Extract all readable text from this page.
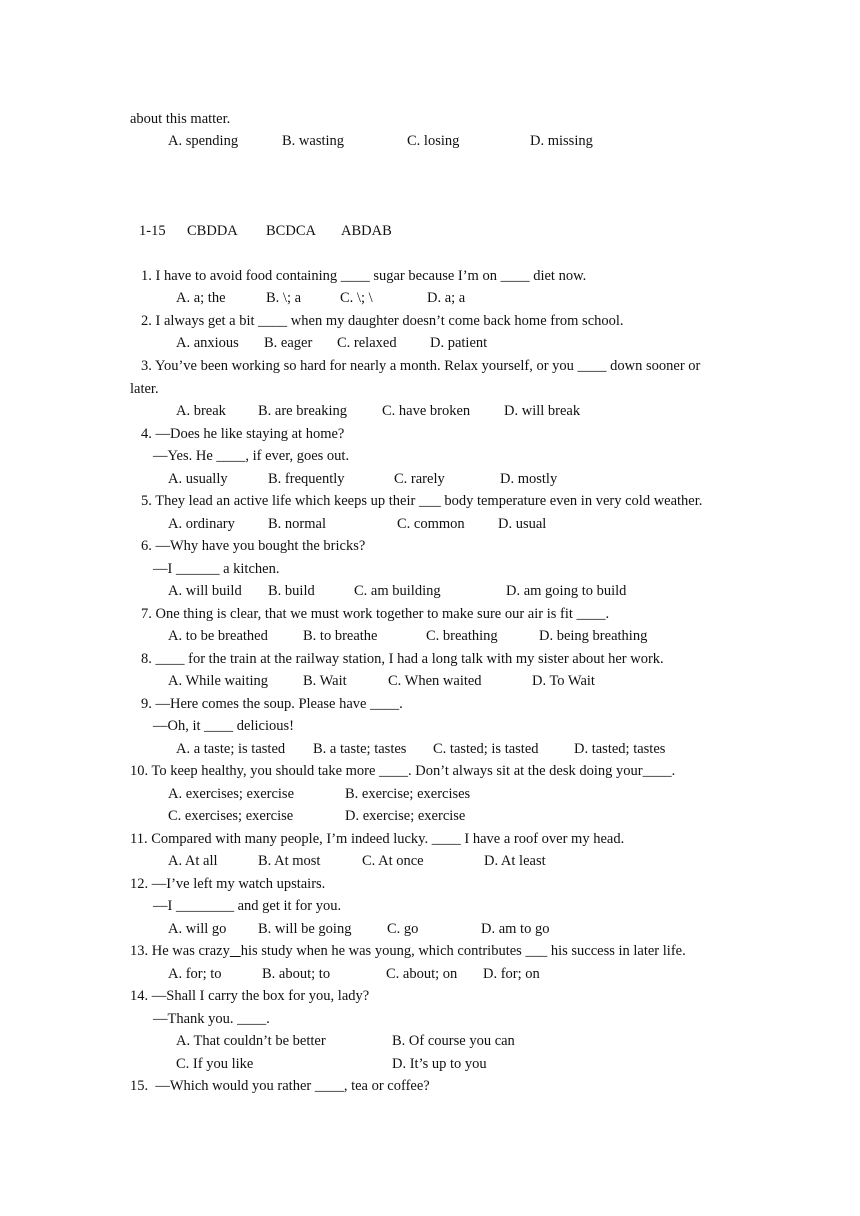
about this matter.
A. spending	B. wasting	C. losing	D. missing
1-15 CBDDA BCDCA ABDAB
1. I have to avoid food containing ____ sugar because I’m on ____ diet now.
A. a; the	B. \; a	C. \; \	D. a; a
2. I always get a bit ____ when my daughter doesn’t come back home from school.
A. anxious B. eager C. relaxed D. patient
3. You’ve been working so hard for nearly a month. Relax yourself, or you ____ down sooner or
later.
A. break B. are breaking C. have broken D. will break
4. —Does he like staying at home?
—Yes. He ____, if ever, goes out.
A. usually	B. frequently	C. rarely	D. mostly
5. They lead an active life which keeps up their ___ body temperature even in very cold weather.
A. ordinary B. normal	C. common D. usual
6. —Why have you bought the bricks?
—I ______ a kitchen.
A. will build B. build	C. am building	D. am going to build
7. One thing is clear, that we must work together to make sure our air is fit ____.
A. to be breathed B. to breathe	C. breathing	D. being breathing
8. ____ for the train at the railway station, I had a long talk with my sister about her work.
A. While waiting B. Wait	C. When waited	D. To Wait
9. —Here comes the soup. Please have ____.
—Oh, it ____ delicious!
A. a taste; is tasted B. a taste; tastes C. tasted; is tasted D. tasted; tastes
10. To keep healthy, you should take more ____. Don’t always sit at the desk doing your____.
A. exercises; exercise	B. exercise; exercises
C. exercises; exercise	D. exercise; exercise
11. Compared with many people, I’m indeed lucky. ____ I have a roof over my head.
A. At all	B. At most	C. At once	D. At least
12. —I’ve left my watch upstairs.
—I ________ and get it for you.
A. will go B. will be going C. go	D. am to go
13. He was crazy his study when he was young, which contributes ___ his success in later life.
A. for; to	B. about; to	C. about; on D. for; on
14. —Shall I carry the box for you, lady?
—Thank you. ____.
A. That couldn’t be better	B. Of course you can
C. If you like	D. It’s up to you
15.  ―Which would you rather ____, tea or coffee?
